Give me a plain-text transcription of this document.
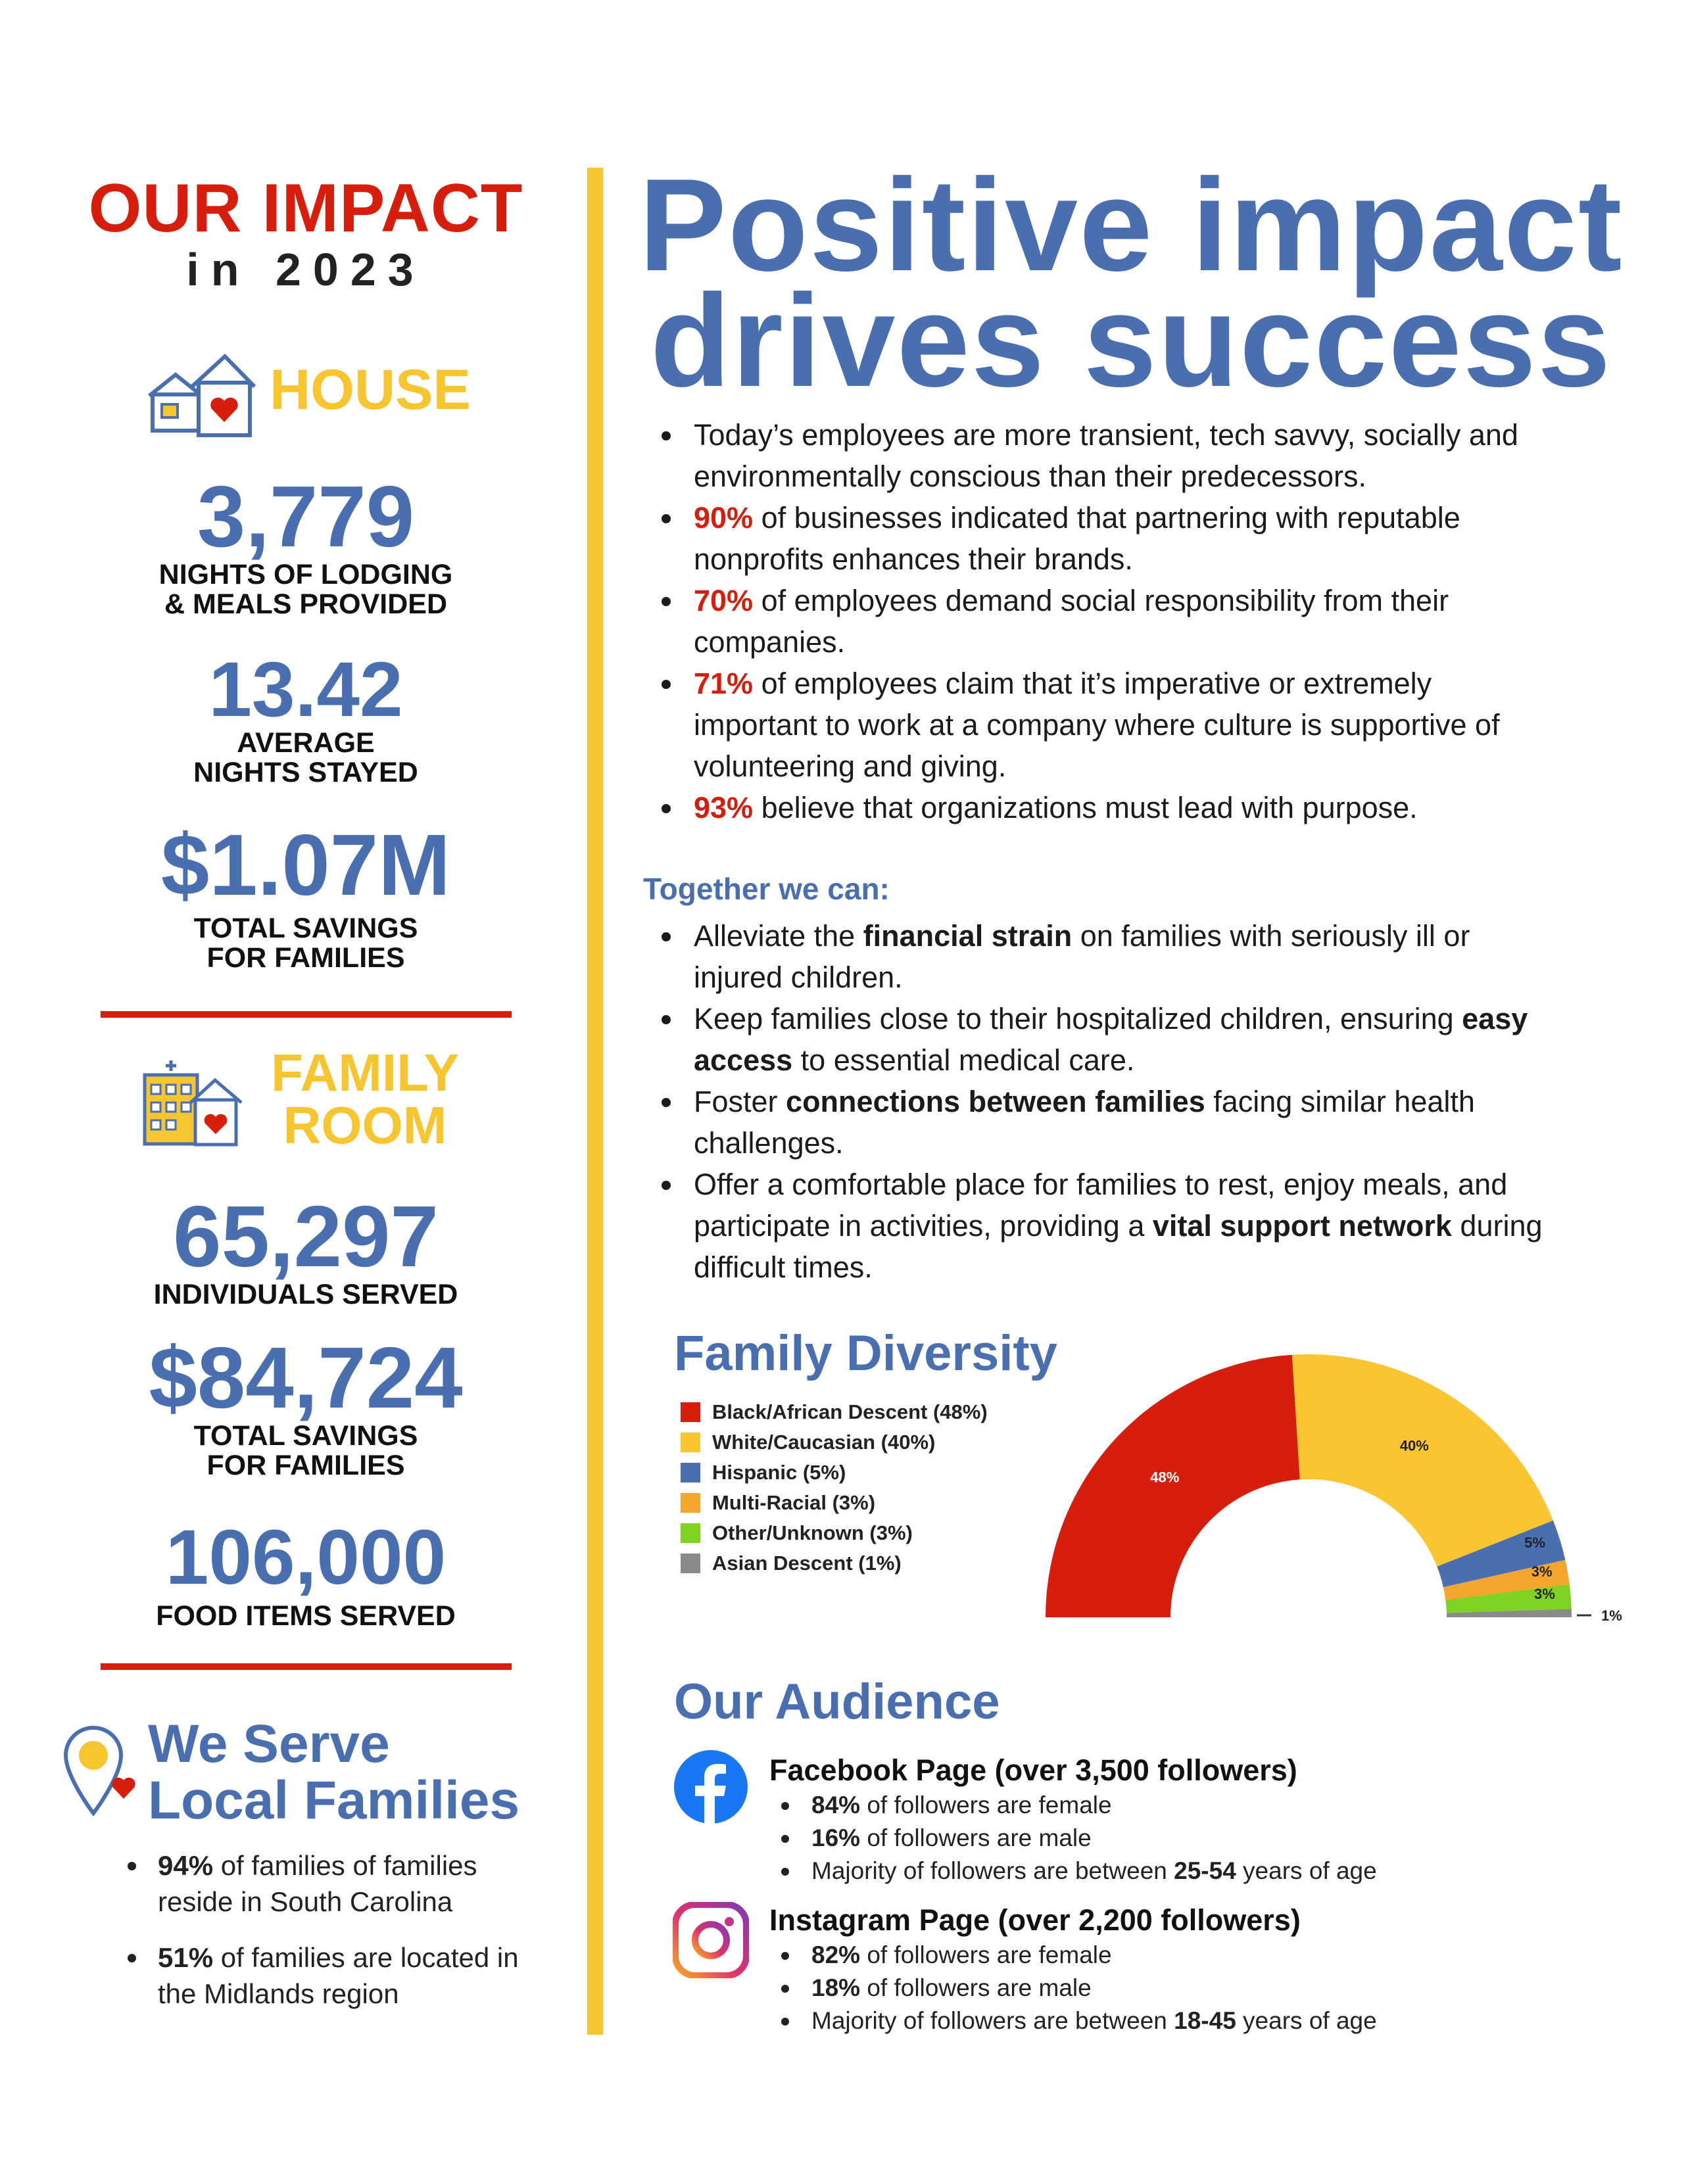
OUR IMPACT
in 2023
HOUSE
3,779
NIGHTS OF LODGING
& MEALS PROVIDED
13.42
AVERAGE
NIGHTS STAYED
$1.07M
TOTAL SAVINGS
FOR FAMILIES
FAMILY
ROOM
65,297
INDIVIDUALS SERVED
$84,724
TOTAL SAVINGS
FOR FAMILIES
106,000
FOOD ITEMS SERVED
We Serve
Local Families
94% of families of families
reside in South Carolina
51% of families are located in
the Midlands region
Positive impact
drives success
Today’s employees are more transient, tech savvy, socially and
environmentally conscious than their predecessors.
90% of businesses indicated that partnering with reputable
nonprofits enhances their brands.
70% of employees demand social responsibility from their
companies.
71% of employees claim that it’s imperative or extremely
important to work at a company where culture is supportive of
volunteering and giving.
93% believe that organizations must lead with purpose.
Together we can:
Alleviate the financial strain on families with seriously ill or
injured children.
Keep families close to their hospitalized children, ensuring easy
access to essential medical care.
Foster connections between families facing similar health
challenges.
Offer a comfortable place for families to rest, enjoy meals, and
participate in activities, providing a vital support network during
difficult times.
Family Diversity
Black/African Descent (48%)
White/Caucasian (40%)
Hispanic (5%)
Multi-Racial (3%)
Other/Unknown (3%)
Asian Descent (1%)
48%
40%
5%
3%
3%
1%
Our Audience
Facebook Page (over 3,500 followers)
84% of followers are female
16% of followers are male
Majority of followers are between 25-54 years of age
Instagram Page (over 2,200 followers)
82% of followers are female
18% of followers are male
Majority of followers are between 18-45 years of age
